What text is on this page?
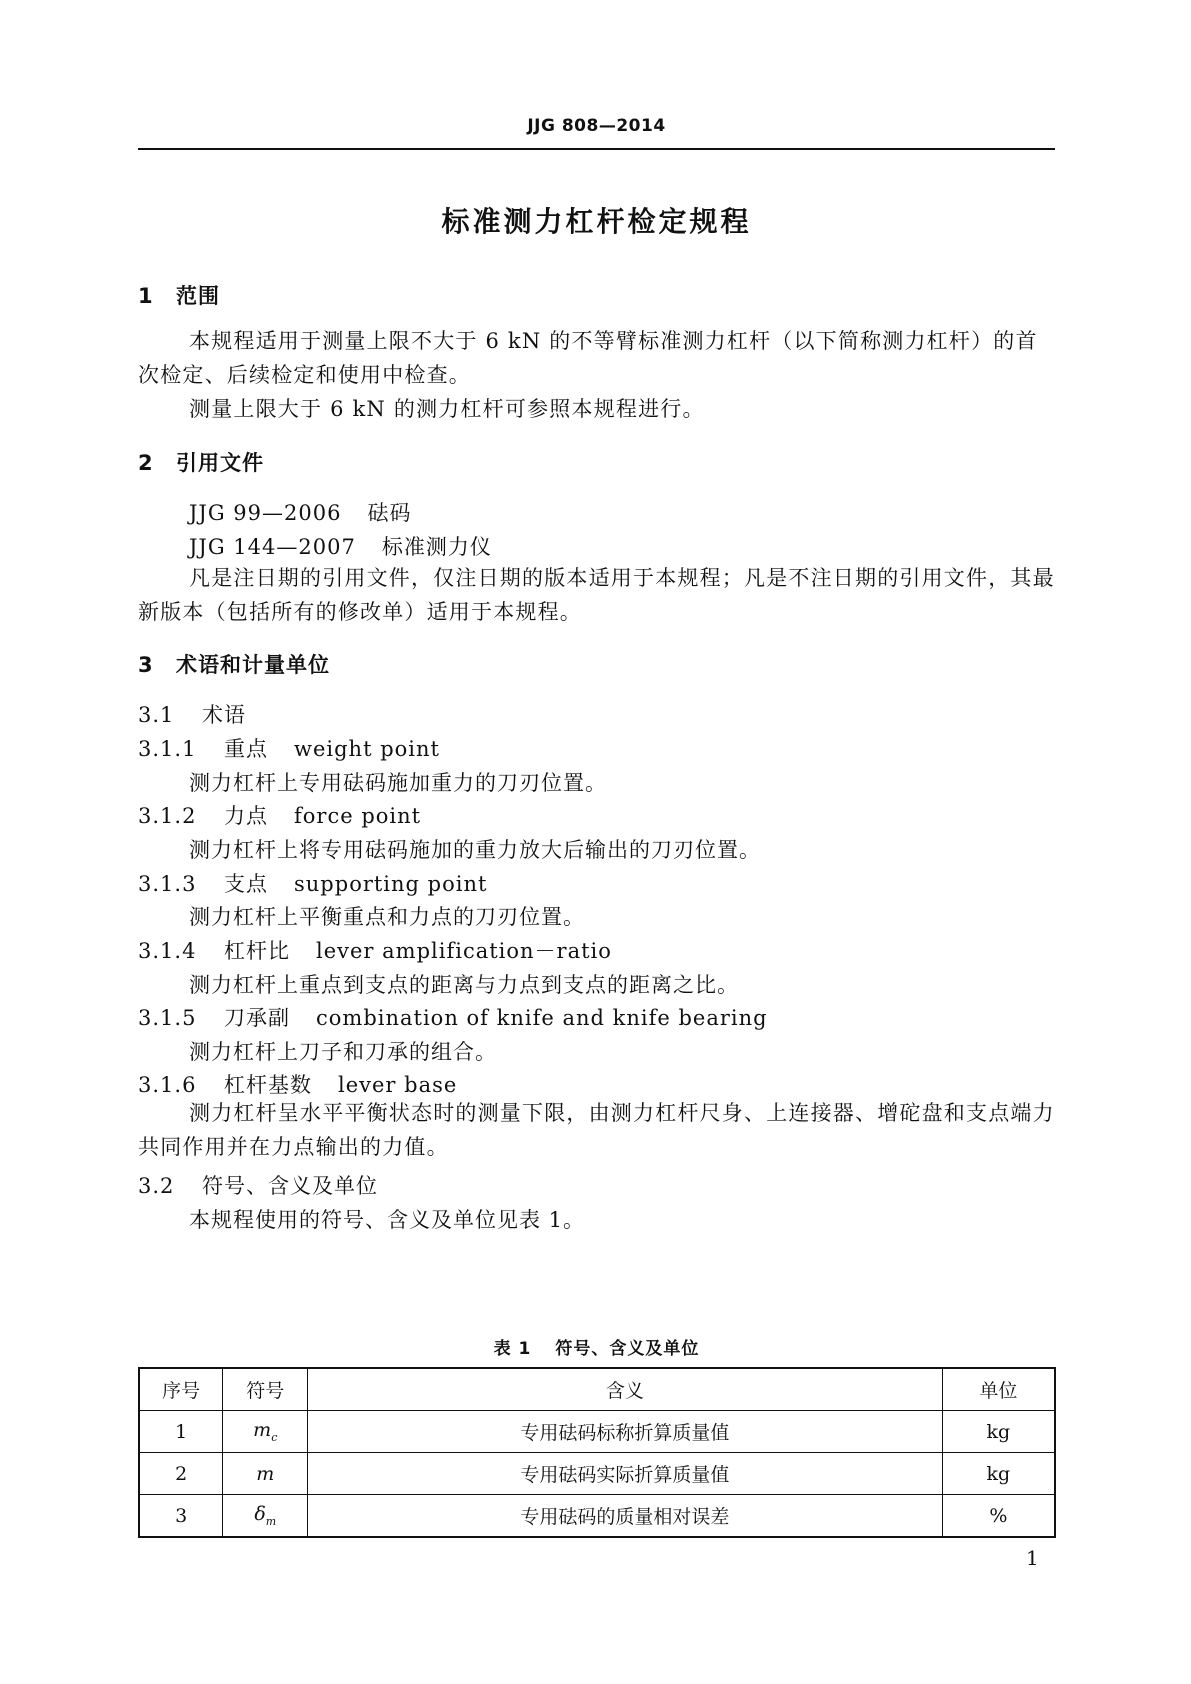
JJG 808—2014
标准测力杠杆检定规程
1 范围

本规程适用于测量上限不大于 6 kN 的不等臂标准测力杠杆（以下简称测力杠杆）的首次检定、后续检定和使用中检查。

测量上限大于 6 kN 的测力杠杆可参照本规程进行。

2 引用文件
JJG 99—2006 砝码
JJG 144—2007 标准测力仪

凡是注日期的引用文件，仅注日期的版本适用于本规程；凡是不注日期的引用文件，其最新版本（包括所有的修改单）适用于本规程。

3 术语和计量单位
3.1 术语
3.1.1 重点 weight point
测力杠杆上专用砝码施加重力的刀刃位置。
3.1.2 力点 force point
测力杠杆上将专用砝码施加的重力放大后输出的刀刃位置。
3.1.3 支点 supporting point
测力杠杆上平衡重点和力点的刀刃位置。
3.1.4 杠杆比 lever amplification－ratio
测力杠杆上重点到支点的距离与力点到支点的距离之比。
3.1.5 刀承副 combination of knife and knife bearing
测力杠杆上刀子和刀承的组合。
3.1.6 杠杆基数 lever base

测力杠杆呈水平平衡状态时的测量下限，由测力杠杆尺身、上连接器、增砣盘和支点端力共同作用并在力点输出的力值。

3.2 符号、含义及单位
本规程使用的符号、含义及单位见表 1。
表 1 符号、含义及单位
序号	符号	含义	单位
1	$m_c$	专用砝码标称折算质量值	kg
2	m	专用砝码实际折算质量值	kg
3	$\delta_m$	专用砝码的质量相对误差	%
1
